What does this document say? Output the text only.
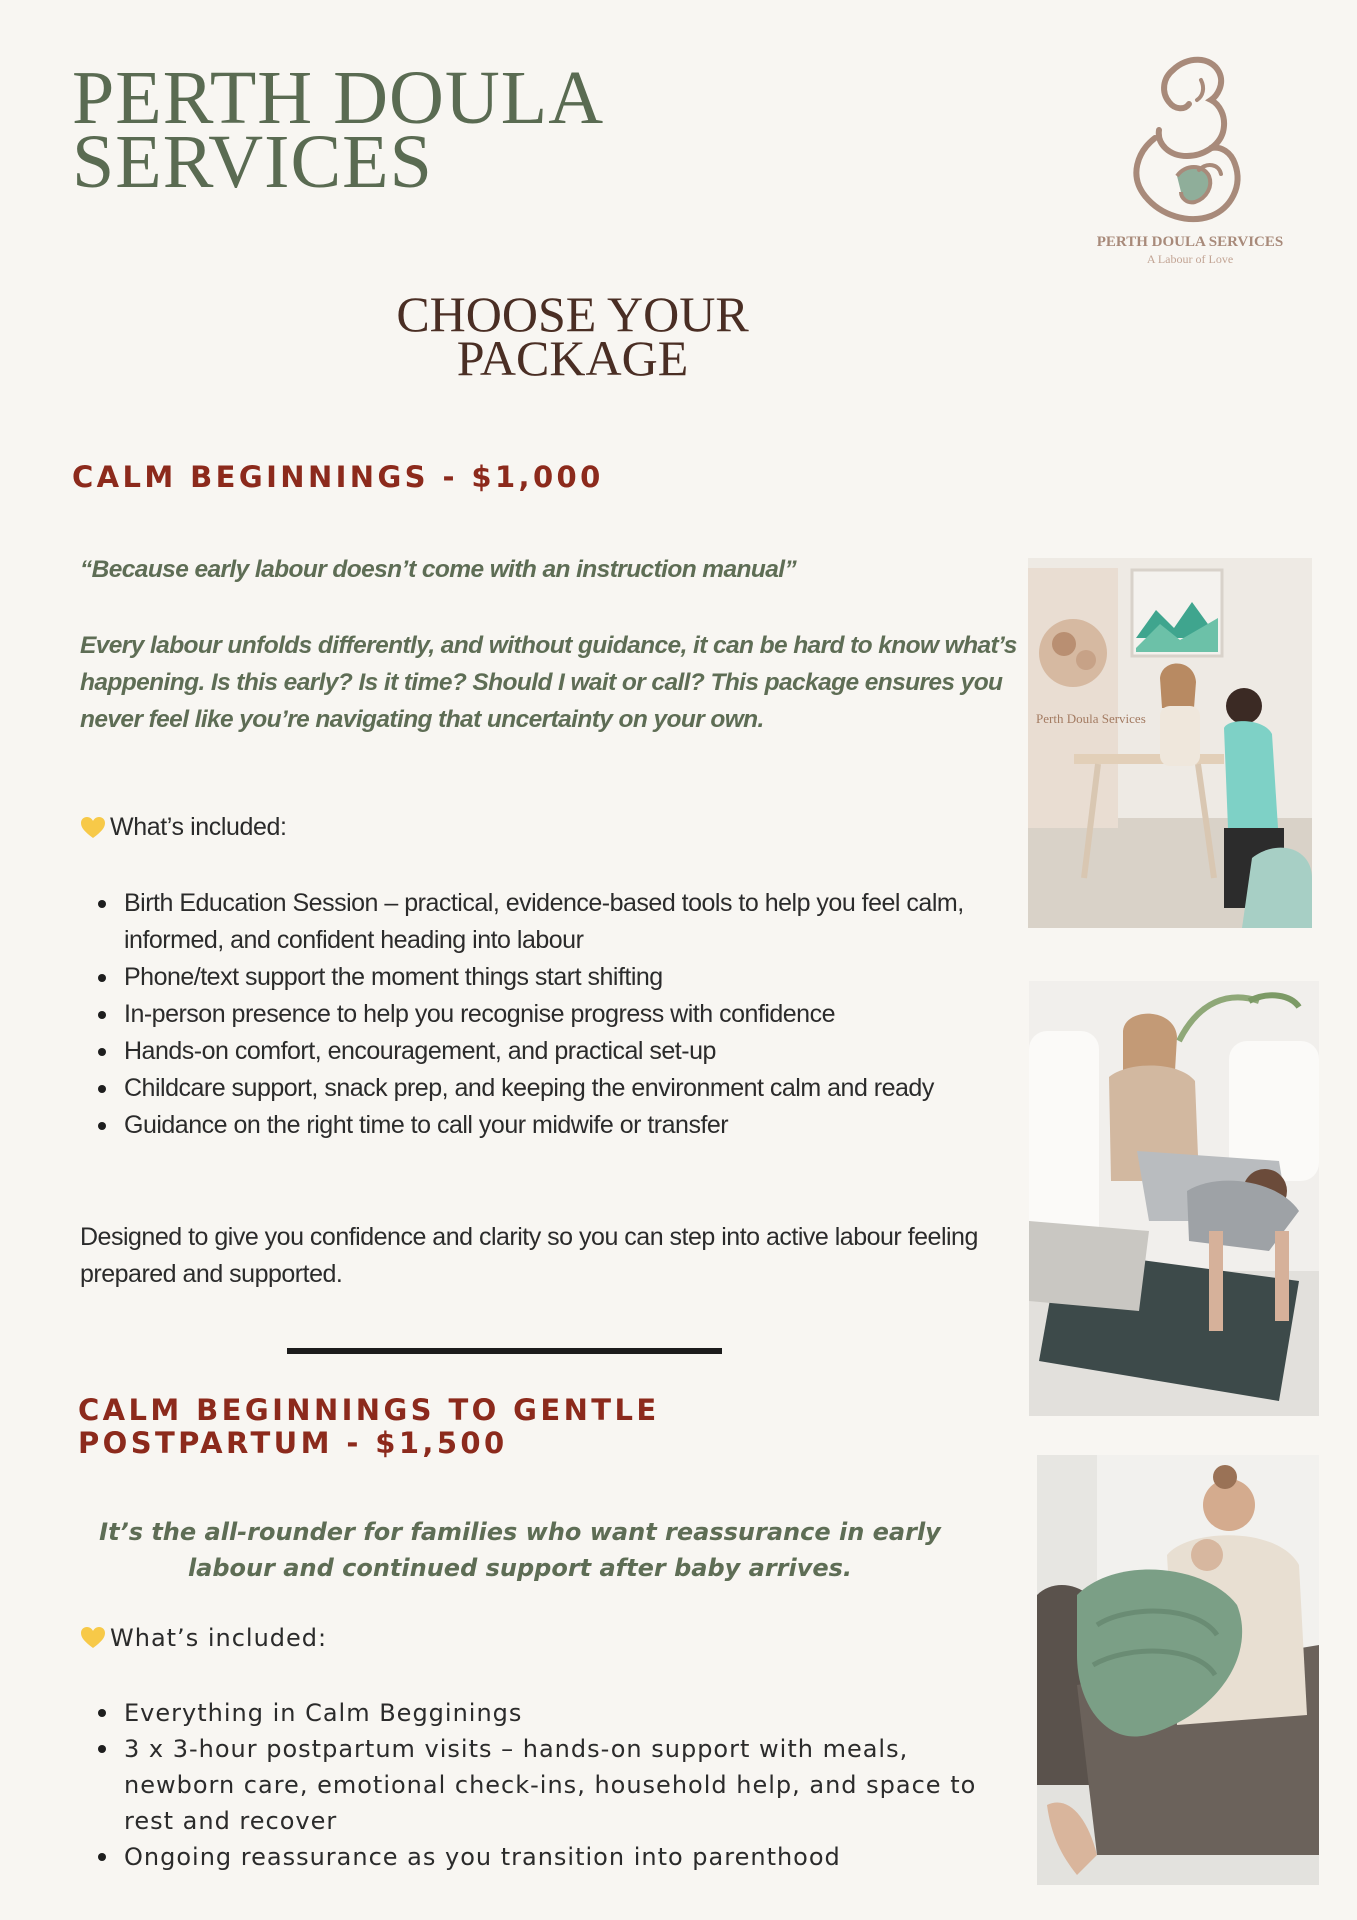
PERTH DOULA
SERVICES
PERTH DOULA SERVICES
A Labour of Love
CHOOSE YOUR
PACKAGE
CALM BEGINNINGS - $1,000
“Because early labour doesn’t come with an instruction manual”
Every labour unfolds differently, and without guidance, it can be hard to know what’s happening. Is this early? Is it time? Should I wait or call? This package ensures you never feel like you’re navigating that uncertainty on your own.
What’s included:
Birth Education Session – practical, evidence-based tools to help you feel calm, informed, and confident heading into labour
Phone/text support the moment things start shifting
In-person presence to help you recognise progress with confidence
Hands-on comfort, encouragement, and practical set-up
Childcare support, snack prep, and keeping the environment calm and ready
Guidance on the right time to call your midwife or transfer
Designed to give you confidence and clarity so you can step into active labour feeling prepared and supported.
CALM BEGINNINGS TO GENTLE
POSTPARTUM - $1,500
It’s the all-rounder for families who want reassurance in early labour and continued support after baby arrives.
What’s included:
Everything in Calm Begginings
3 x 3-hour postpartum visits – hands-on support with meals, newborn care, emotional check-ins, household help, and space to rest and recover
Ongoing reassurance as you transition into parenthood
Perth Doula Services
